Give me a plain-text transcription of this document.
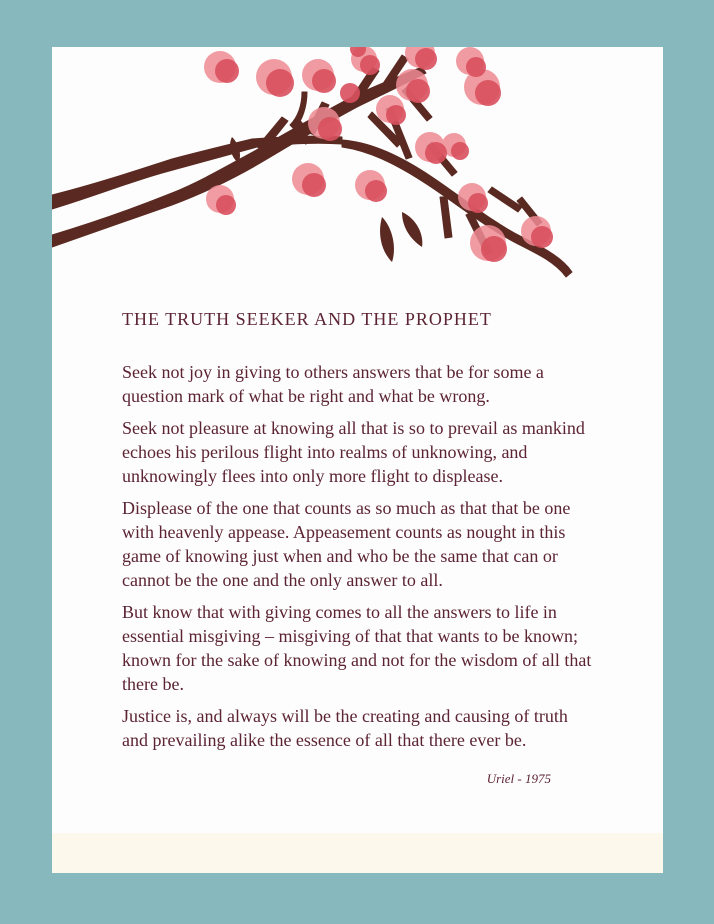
THE TRUTH SEEKER AND THE PROPHET

Seek not joy in giving to others answers that be for some a question mark of what be right and what be wrong.

Seek not pleasure at knowing all that is so to prevail as mankind echoes his perilous flight into realms of unknowing, and unknowingly flees into only more flight to displease.

Displease of the one that counts as so much as that that be one with heavenly appease. Appeasement counts as nought in this game of knowing just when and who be the same that can or cannot be the one and the only answer to all.

But know that with giving comes to all the answers to life in essential misgiving – misgiving of that that wants to be known; known for the sake of knowing and not for the wisdom of all that there be.

Justice is, and always will be the creating and causing of truth and prevailing alike the essence of all that there ever be.

Uriel - 1975
